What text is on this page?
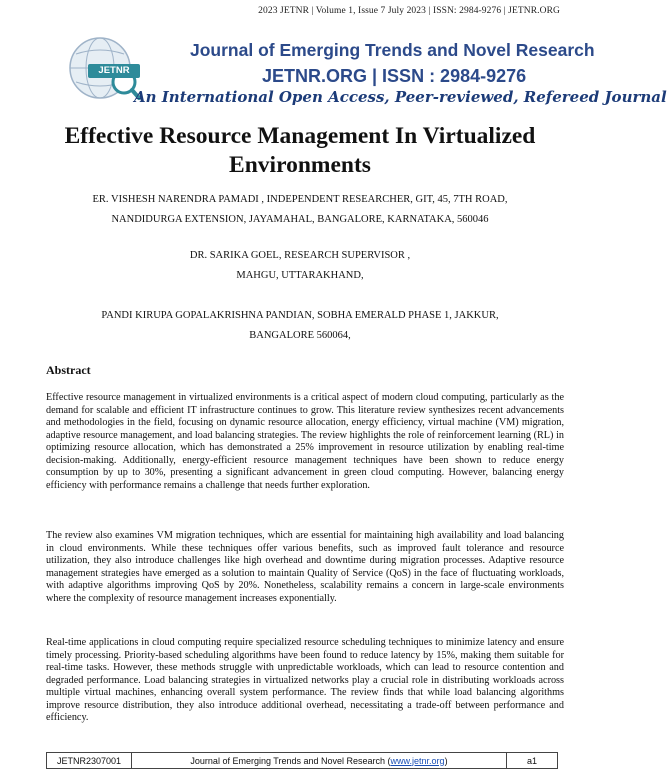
2023 JETNR | Volume 1, Issue 7 July 2023 | ISSN: 2984-9276 | JETNR.ORG
JETNR
Journal of Emerging Trends and Novel Research
JETNR.ORG | ISSN : 2984-9276
An International Open Access, Peer-reviewed, Refereed Journal
Effective Resource Management In Virtualized Environments
ER. VISHESH NARENDRA PAMADI , INDEPENDENT RESEARCHER, GIT, 45, 7TH ROAD,
NANDIDURGA EXTENSION, JAYAMAHAL, BANGALORE, KARNATAKA, 560046
DR. SARIKA GOEL, RESEARCH SUPERVISOR ,
MAHGU, UTTARAKHAND,
PANDI KIRUPA GOPALAKRISHNA PANDIAN, SOBHA EMERALD PHASE 1, JAKKUR,
BANGALORE 560064,
Abstract

Effective resource management in virtualized environments is a critical aspect of modern cloud computing, particularly as the demand for scalable and efficient IT infrastructure continues to grow. This literature review synthesizes recent advancements and methodologies in the field, focusing on dynamic resource allocation, energy efficiency, virtual machine (VM) migration, adaptive resource management, and load balancing strategies. The review highlights the role of reinforcement learning (RL) in optimizing resource allocation, which has demonstrated a 25% improvement in resource utilization by enabling real-time decision-making. Additionally, energy-efficient resource management techniques have been shown to reduce energy consumption by up to 30%, presenting a significant advancement in green cloud computing. However, balancing energy efficiency with performance remains a challenge that needs further exploration.

The review also examines VM migration techniques, which are essential for maintaining high availability and load balancing in cloud environments. While these techniques offer various benefits, such as improved fault tolerance and resource utilization, they also introduce challenges like high overhead and downtime during migration processes. Adaptive resource management strategies have emerged as a solution to maintain Quality of Service (QoS) in the face of fluctuating workloads, with adaptive algorithms improving QoS by 20%. Nonetheless, scalability remains a concern in large-scale environments where the complexity of resource management increases exponentially.

Real-time applications in cloud computing require specialized resource scheduling techniques to minimize latency and ensure timely processing. Priority-based scheduling algorithms have been found to reduce latency by 15%, making them suitable for real-time tasks. However, these methods struggle with unpredictable workloads, which can lead to resource contention and degraded performance. Load balancing strategies in virtualized networks play a crucial role in distributing workloads across multiple virtual machines, enhancing overall system performance. The review finds that while load balancing algorithms improve resource distribution, they also introduce additional overhead, necessitating a trade-off between performance and efficiency.

JETNR2307001	Journal of Emerging Trends and Novel Research ( www.jetnr.org )	a1
